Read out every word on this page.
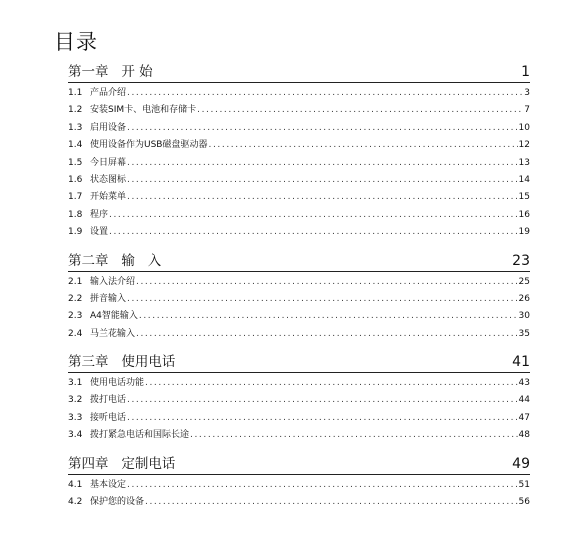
目录
第一章   开 始	1
1.1 产品介绍 .....	3
1.2 安装SIM卡、电池和存储卡 .....	7
1.3 启用设备 .....	10
1.4 使用设备作为USB磁盘驱动器 .....	12
1.5 今日屏幕 .....	13
1.6 状态图标 .....	14
1.7 开始菜单 .....	15
1.8 程序 .....	16
1.9 设置 .....	19
第二章   输   入	23
2.1 输入法介绍 .....	25
2.2 拼音输入 .....	26
2.3 A4智能输入 .....	30
2.4 马兰花输入 .....	35
第三章   使用电话	41
3.1 使用电话功能 .....	43
3.2 拨打电话 .....	44
3.3 接听电话 .....	47
3.4 拨打紧急电话和国际长途 .....	48
第四章   定制电话	49
4.1 基本设定 .....	51
4.2 保护您的设备 .....	56
